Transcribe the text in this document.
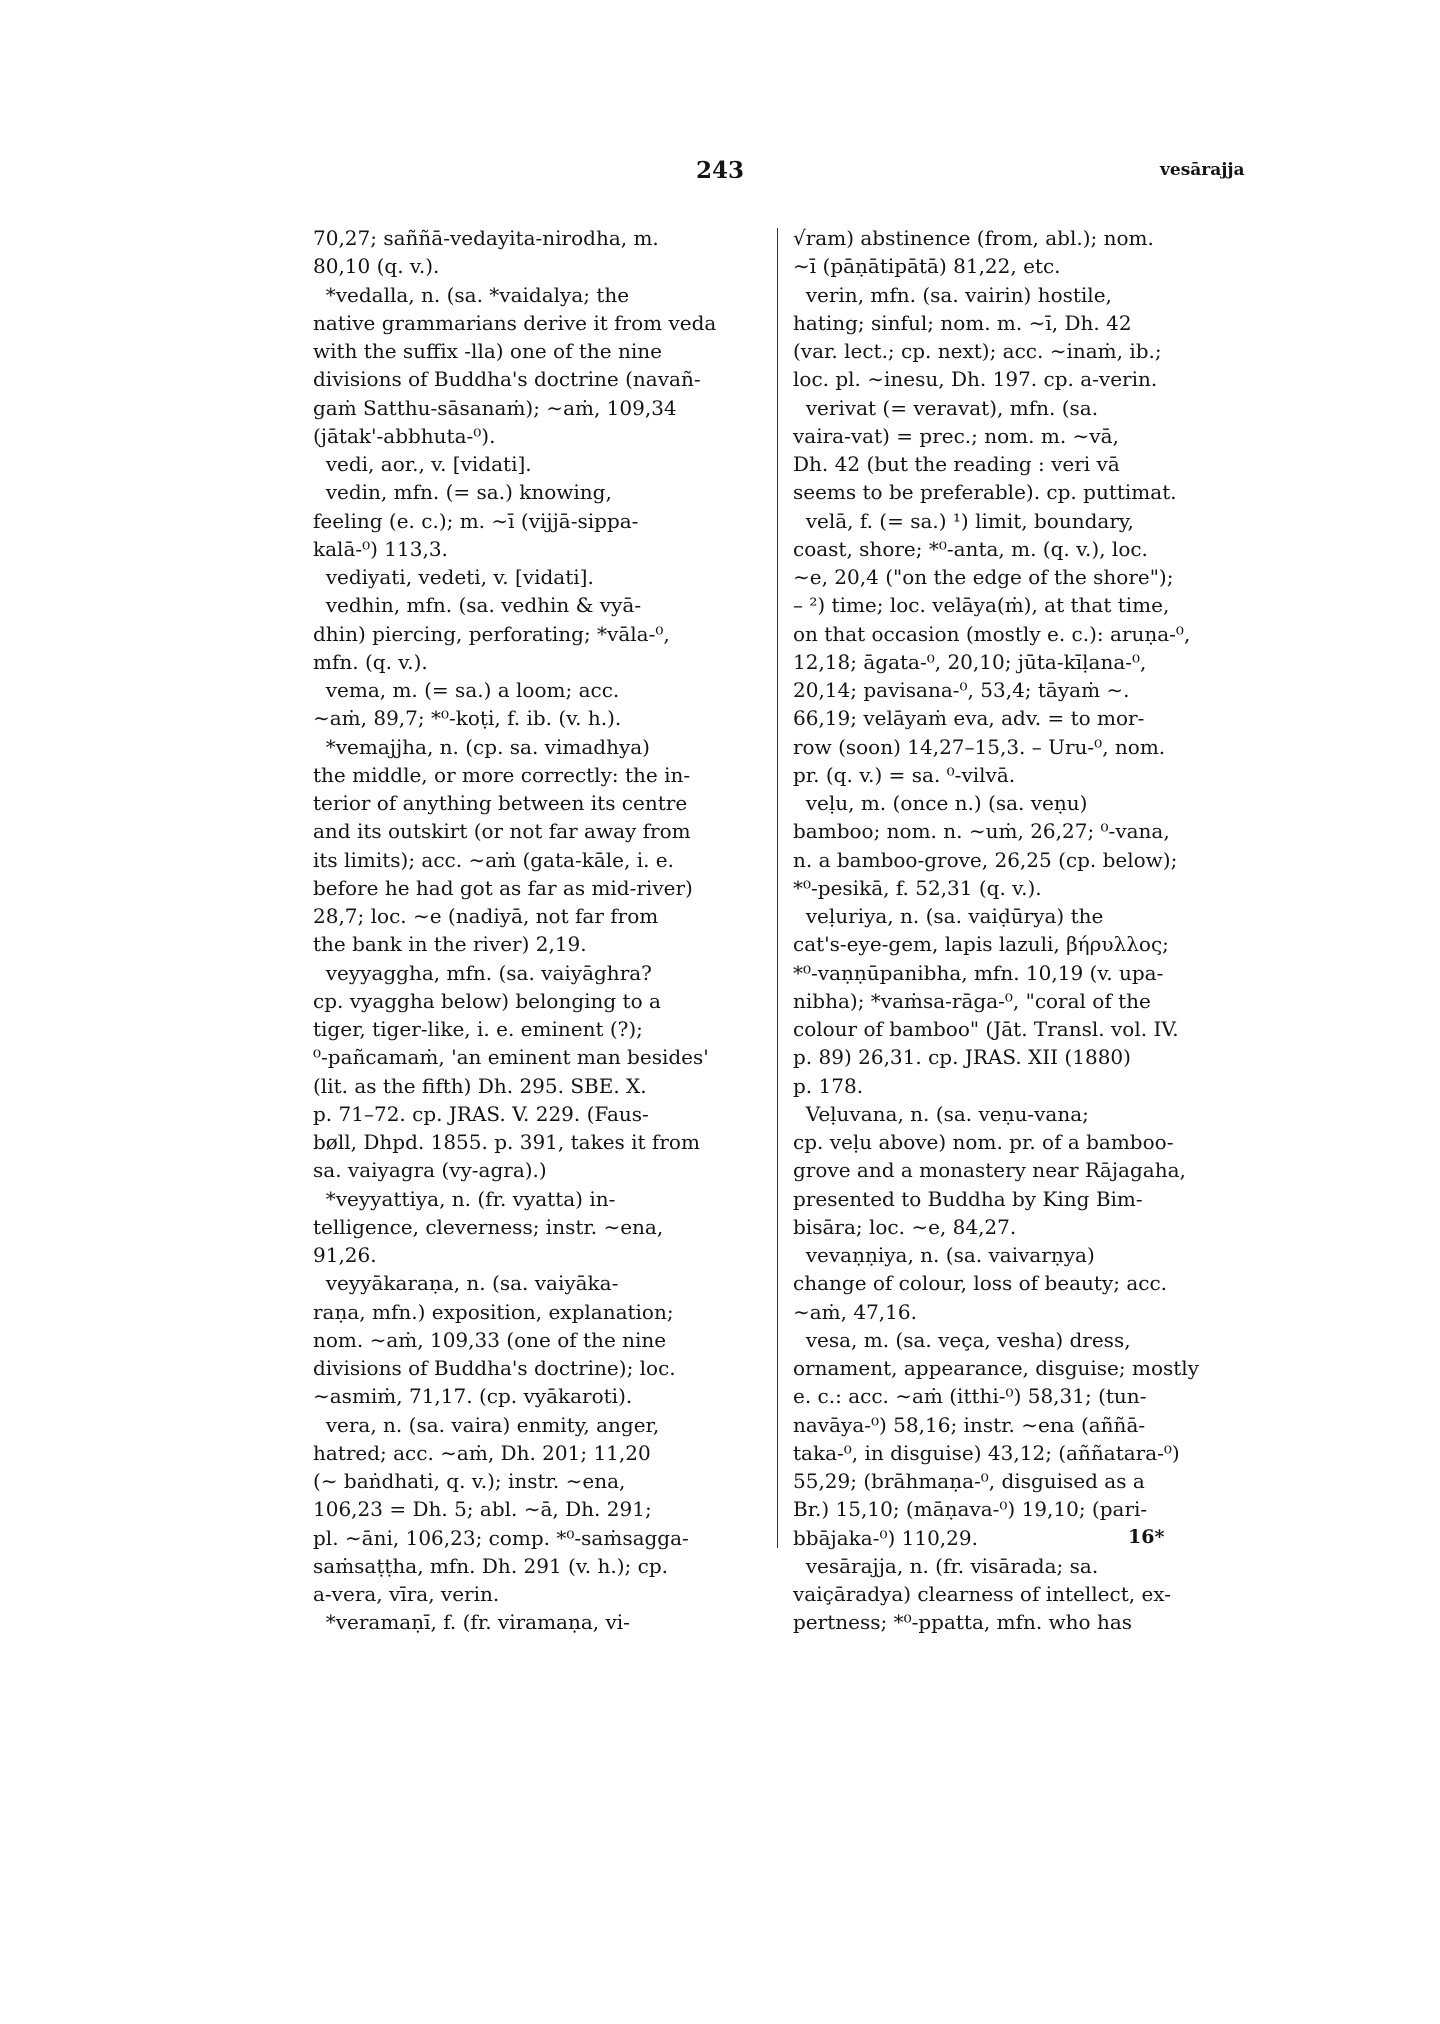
243	vesārajja
70,27; saññā-vedayita-nirodha, m.
80,10 (q. v.).
*vedalla, n. (sa. *vaidalya; the
native grammarians derive it from veda
with the suffix -lla) one of the nine
divisions of Buddha's doctrine (navañ-
gaṁ Satthu-sāsanaṁ); ∼aṁ, 109,34
(jātak'-abbhuta-⁰).
vedi, aor., v. [vidati].
vedin, mfn. (= sa.) knowing,
feeling (e. c.); m. ∼ī (vijjā-sippa-
kalā-⁰) 113,3.
vediyati, vedeti, v. [vidati].
vedhin, mfn. (sa. vedhin & vyā-
dhin) piercing, perforating; *vāla-⁰,
mfn. (q. v.).
vema, m. (= sa.) a loom; acc.
∼aṁ, 89,7; *⁰-koṭi, f. ib. (v. h.).
*vemajjha, n. (cp. sa. vimadhya)
the middle, or more correctly: the in-
terior of anything between its centre
and its outskirt (or not far away from
its limits); acc. ∼aṁ (gata-kāle, i. e.
before he had got as far as mid-river)
28,7; loc. ∼e (nadiyā, not far from
the bank in the river) 2,19.
veyyaggha, mfn. (sa. vaiyāghra?
cp. vyaggha below) belonging to a
tiger, tiger-like, i. e. eminent (?);
⁰-pañcamaṁ, 'an eminent man besides'
(lit. as the fifth) Dh. 295. SBE. X.
p. 71–72. cp. JRAS. V. 229. (Faus-
bøll, Dhpd. 1855. p. 391, takes it from
sa. vaiyagra (vy-agra).)
*veyyattiya, n. (fr. vyatta) in-
telligence, cleverness; instr. ∼ena,
91,26.
veyyākaraṇa, n. (sa. vaiyāka-
raṇa, mfn.) exposition, explanation;
nom. ∼aṁ, 109,33 (one of the nine
divisions of Buddha's doctrine); loc.
∼asmiṁ, 71,17. (cp. vyākaroti).
vera, n. (sa. vaira) enmity, anger,
hatred; acc. ∼aṁ, Dh. 201; 11,20
(∼ baṅdhati, q. v.); instr. ∼ena,
106,23 = Dh. 5; abl. ∼ā, Dh. 291;
pl. ∼āni, 106,23; comp. *⁰-saṁsagga-
saṁsaṭṭha, mfn. Dh. 291 (v. h.); cp.
a-vera, vīra, verin.
*veramaṇī, f. (fr. viramaṇa, vi-
√ram) abstinence (from, abl.); nom.
∼ī (pāṇātipātā) 81,22, etc.
verin, mfn. (sa. vairin) hostile,
hating; sinful; nom. m. ∼ī, Dh. 42
(var. lect.; cp. next); acc. ∼inaṁ, ib.;
loc. pl. ∼inesu, Dh. 197. cp. a-verin.
verivat (= veravat), mfn. (sa.
vaira-vat) = prec.; nom. m. ∼vā,
Dh. 42 (but the reading : veri vā
seems to be preferable). cp. puttimat.
velā, f. (= sa.) ¹) limit, boundary,
coast, shore; *⁰-anta, m. (q. v.), loc.
∼e, 20,4 ("on the edge of the shore");
– ²) time; loc. velāya(ṁ), at that time,
on that occasion (mostly e. c.): aruṇa-⁰,
12,18; āgata-⁰, 20,10; jūta-kīḷana-⁰,
20,14; pavisana-⁰, 53,4; tāyaṁ ∼.
66,19; velāyaṁ eva, adv. = to mor-
row (soon) 14,27–15,3. – Uru-⁰, nom.
pr. (q. v.) = sa. ⁰-vilvā.
veḷu, m. (once n.) (sa. veṇu)
bamboo; nom. n. ∼uṁ, 26,27; ⁰-vana,
n. a bamboo-grove, 26,25 (cp. below);
*⁰-pesikā, f. 52,31 (q. v.).
veḷuriya, n. (sa. vaiḍūrya) the
cat's-eye-gem, lapis lazuli, βήρυλλος;
*⁰-vaṇṇūpanibha, mfn. 10,19 (v. upa-
nibha); *vaṁsa-rāga-⁰, "coral of the
colour of bamboo" (Jāt. Transl. vol. IV.
p. 89) 26,31. cp. JRAS. XII (1880)
p. 178.
Veḷuvana, n. (sa. veṇu-vana;
cp. veḷu above) nom. pr. of a bamboo-
grove and a monastery near Rājagaha,
presented to Buddha by King Bim-
bisāra; loc. ∼e, 84,27.
vevaṇṇiya, n. (sa. vaivarṇya)
change of colour, loss of beauty; acc.
∼aṁ, 47,16.
vesa, m. (sa. veça, vesha) dress,
ornament, appearance, disguise; mostly
e. c.: acc. ∼aṁ (itthi-⁰) 58,31; (tun-
navāya-⁰) 58,16; instr. ∼ena (aññā-
taka-⁰, in disguise) 43,12; (aññatara-⁰)
55,29; (brāhmaṇa-⁰, disguised as a
Br.) 15,10; (māṇava-⁰) 19,10; (pari-
bbājaka-⁰) 110,29.
vesārajja, n. (fr. visārada; sa.
vaiçāradya) clearness of intellect, ex-
pertness; *⁰-ppatta, mfn. who has
16*
